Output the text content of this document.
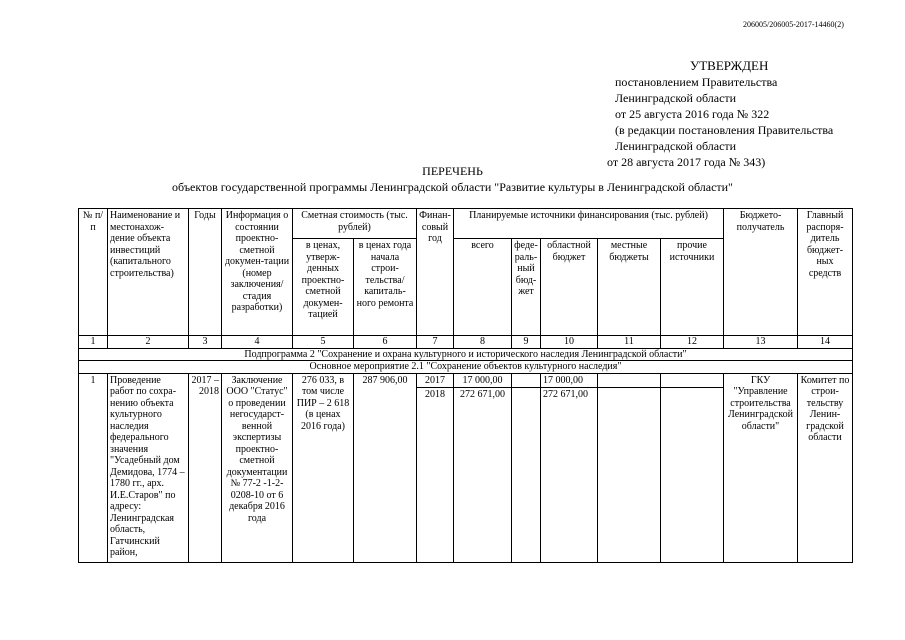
206005/206005-2017-14460(2)
УТВЕРЖДЕН
постановлением Правительства
Ленинградской области
от 25 августа 2016 года № 322
(в редакции постановления Правительства
Ленинградской области
от 28 августа 2017 года № 343)
ПЕРЕЧЕНЬ
объектов государственной программы Ленинградской области "Развитие культуры в Ленинградской области"
№ п/п	Наименование и местонахож-дение объекта инвестиций (капитального строительства)	Годы	Информация о состоянии проектно-сметной докумен-тации (номер заключения/ стадия разработки)	Сметная стоимость (тыс. рублей)		Финан-совый год	Планируемые источники финансирования (тыс. рублей)					Бюджето-получатель	Главный распоря-дитель бюджет-ных средств
				в ценах, утверж-денных проектно-сметной докумен-тацией	в ценах года начала строи-тельства/ капиталь-ного ремонта		всего	феде-раль-ный бюд-жет	областной бюджет	местные бюджеты	прочие источники		
1	2	3	4	5	6	7	8	9	10	11	12	13	14
Подпрограмма 2 "Сохранение и охрана культурного и исторического наследия Ленинградской области"													
Основное мероприятие 2.1 "Сохранение объектов культурного наследия"													
1	Проведение работ по сохра-нению объекта культурного наследия федерального значения "Усадебный дом Демидова, 1774 – 1780 гг., арх. И.Е.Старов" по адресу: Ленинградская область, Гатчинский район,	2017 – 2018	Заключение ООО "Статус" о проведении негосударст-венной экспертизы проектно-сметной документации № 77-2 -1-2-0208-10 от 6 декабря 2016 года	276 033, в том числе ПИР – 2 618 (в ценах 2016 года)	287 906,00	2017	17 000,00		17 000,00			ГКУ "Управление строительства Ленинградской области"	Комитет по строи-тельству Ленин-градской области
						2018	272 671,00		272 671,00				
